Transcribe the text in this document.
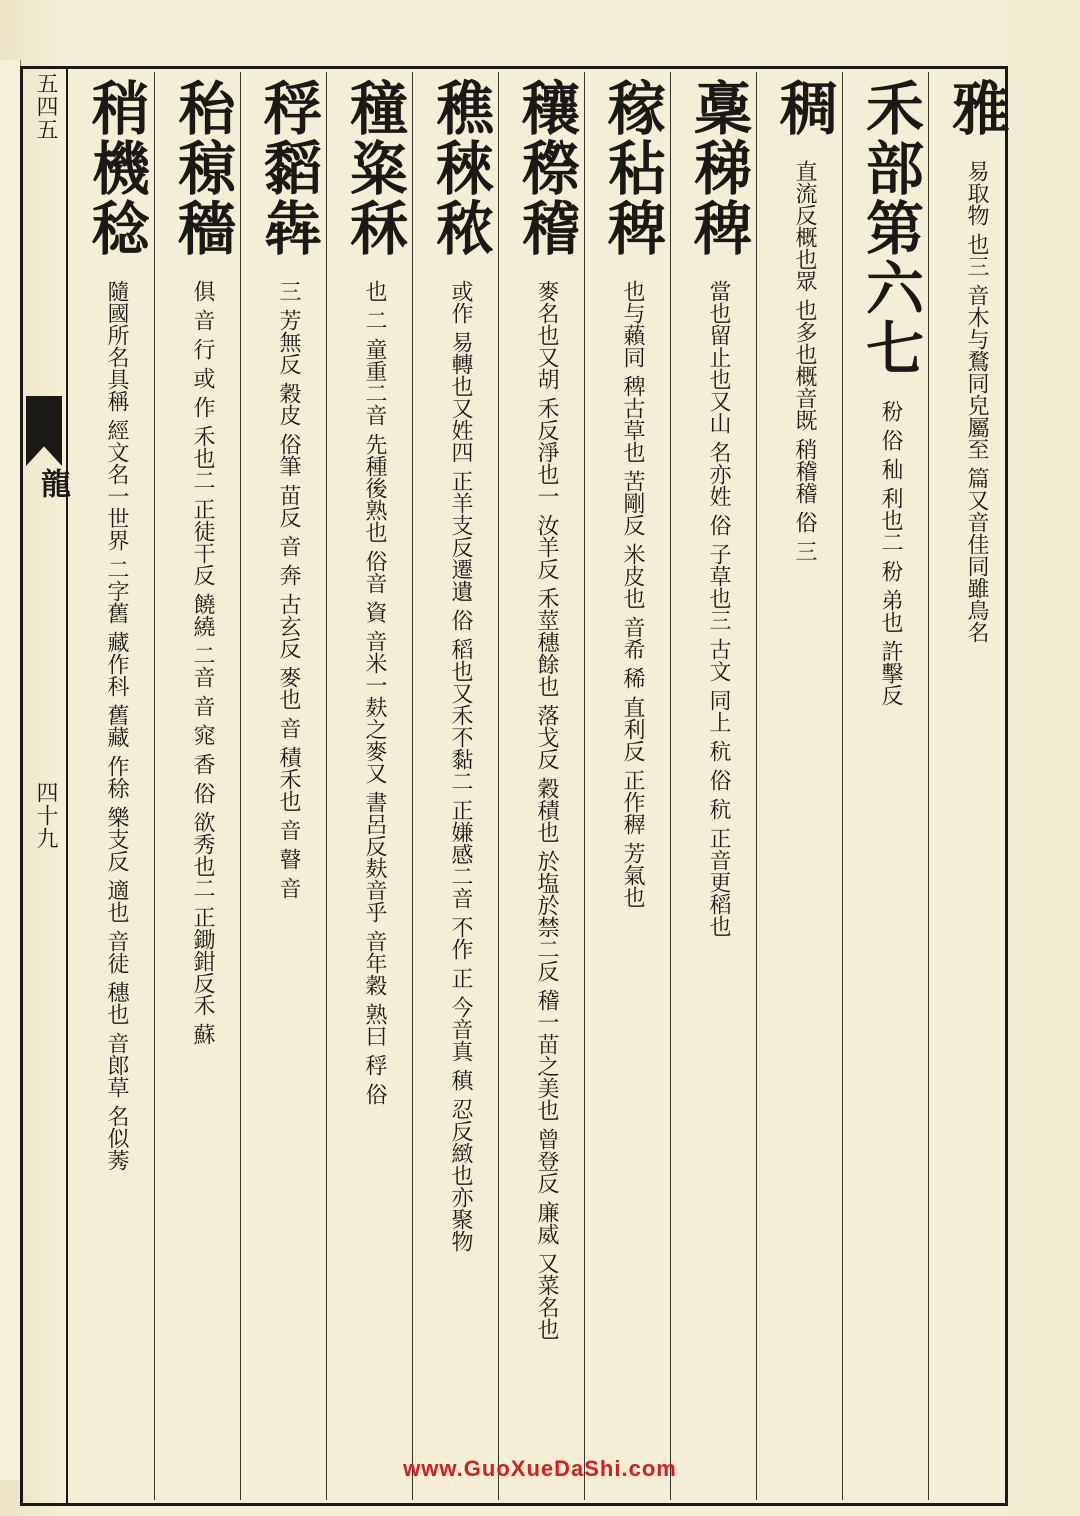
五四五
龍
四十九
雅 易取物 也三 音木与鶩同皃屬至 篇又音佳同雖鳥名
禾部第六七 秎 俗 秈 利也二 秎 弟也 許擊反
稠 直流反概也眾 也多也概音既 稍稽稽 俗 三
稾稊稗 當也留止也又山 名亦姓 俗 子草也三 古文 同上 秔 俗 秔 正音更稻也
稼秥稗 也与藾同 稗古草也 苦剛反 米皮也 音希 稀 直利反 正作稺 芳氣也
穰穄稽 麥名也又胡 禾反淨也一 汝羊反 禾莖穗餘也 落戈反 穀積也 於塩於禁二反 稽一苗之美也 曾登反 廉威 又菜名也
穛䅘秾 或作 易轉也又姓四 正羊支反遷遺 俗 稻也又禾不黏二 正嫌感二音 不作 正 今音真 稹 忍反緻也亦聚物
穜粢秝 也 二 童重二音 先種後熟也 俗音 資 音米一麸之麥又 書呂反麸音乎 音年穀 熟曰 稃 俗
稃䵚犇 三 芳無反 穀皮 俗筆 苗反 音 奔 古玄反 麥也 音 積禾也 音 瞽 音
秮䅫穡 俱 音 行 或 作 禾也二 正徒干反 饒繞 二音 音 窕 香 俗 欲秀也二 正鋤鉗反禾 蘇
稍機稔 隨國所名具稱 經文名一世界 二字舊 藏作科 舊藏 作稌 樂支反 適也 音徒 穗也 音郎草 名似莠
www.GuoXueDaShi.com
